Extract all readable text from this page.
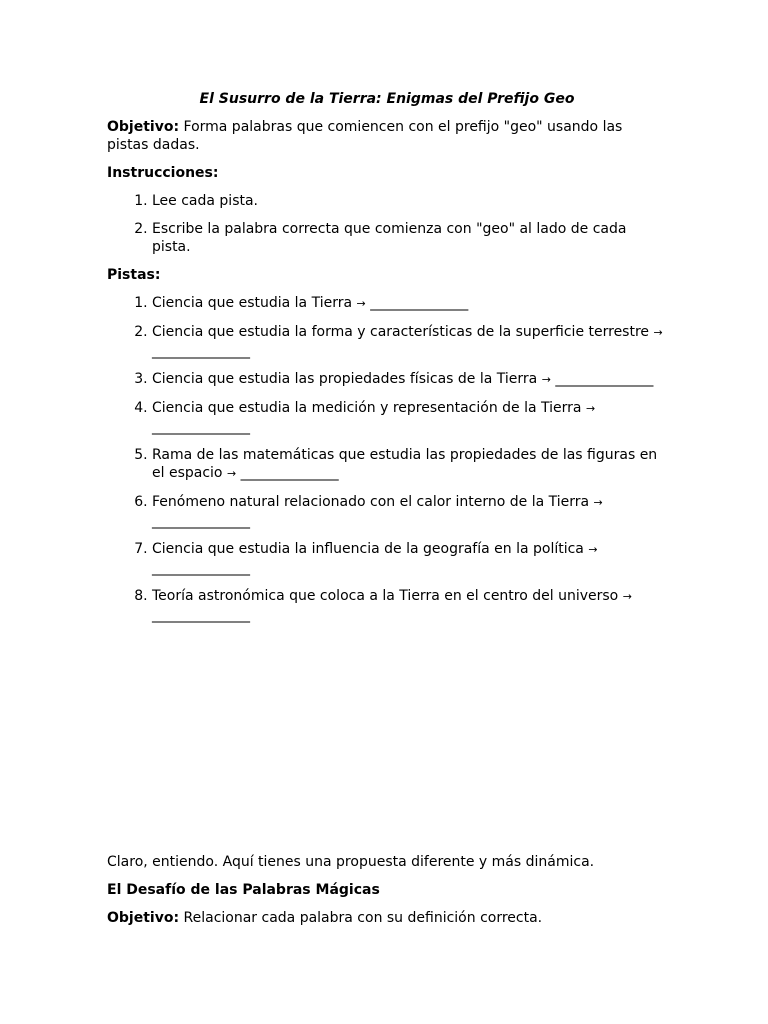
El Susurro de la Tierra: Enigmas del Prefijo Geo

Objetivo: Forma palabras que comiencen con el prefijo "geo" usando las pistas dadas.

Instrucciones:
1. Lee cada pista.
2. Escribe la palabra correcta que comienza con "geo" al lado de cada pista.
Pistas:
1. Ciencia que estudia la Tierra → _______________
2. Ciencia que estudia la forma y características de la superficie terrestre → _______________
3. Ciencia que estudia las propiedades físicas de la Tierra → _______________
4. Ciencia que estudia la medición y representación de la Tierra → _______________
5. Rama de las matemáticas que estudia las propiedades de las figuras en el espacio → _______________
6. Fenómeno natural relacionado con el calor interno de la Tierra → _______________
7. Ciencia que estudia la influencia de la geografía en la política → _______________
8. Teoría astronómica que coloca a la Tierra en el centro del universo → _______________

Claro, entiendo. Aquí tienes una propuesta diferente y más dinámica.

El Desafío de las Palabras Mágicas

Objetivo: Relacionar cada palabra con su definición correcta.
